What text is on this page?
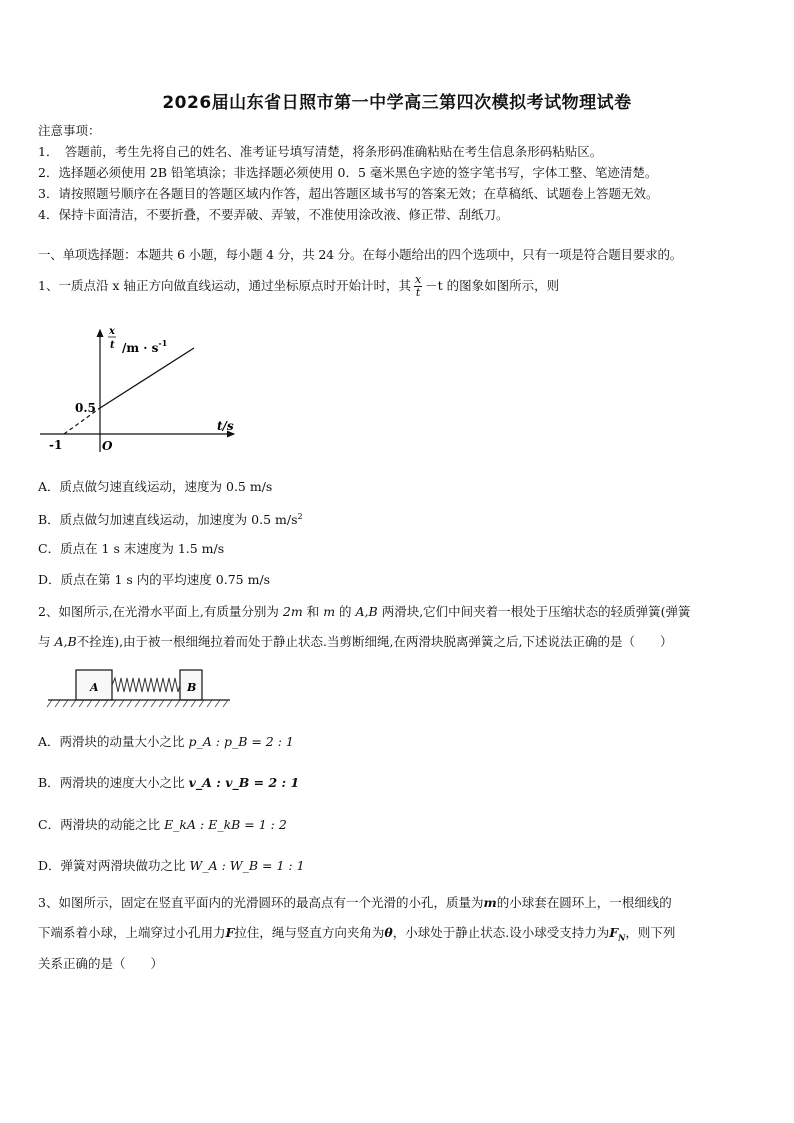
2026届山东省日照市第一中学高三第四次模拟考试物理试卷
注意事项：
1．　答题前，考生先将自己的姓名、准考证号填写清楚，将条形码准确粘贴在考生信息条形码粘贴区。
2．选择题必须使用 2B 铅笔填涂；非选择题必须使用 0．5 毫米黑色字迹的签字笔书写，字体工整、笔迹清楚。
3．请按照题号顺序在各题目的答题区域内作答，超出答题区域书写的答案无效；在草稿纸、试题卷上答题无效。
4．保持卡面清洁，不要折叠，不要弄破、弄皱，不准使用涂改液、修正带、刮纸刀。
一、单项选择题：本题共 6 小题，每小题 4 分，共 24 分。在每小题给出的四个选项中，只有一项是符合题目要求的。
1、一质点沿 x 轴正方向做直线运动，通过坐标原点时开始计时，其 $\frac{x}{t} -t$ 的图象如图所示，则
x
t $/m \cdot s^{-1}$
0.5
-1	O
t/s
A．质点做匀速直线运动，速度为 0.5 m/s
B．质点做匀加速直线运动，加速度为 0.5 $m/s^2$
C．质点在 1 s 末速度为 1.5 m/s
D．质点在第 1 s 内的平均速度 0.75 m/s
2、如图所示,在光滑水平面上,有质量分别为 2m 和 m 的 A,B 两滑块,它们中间夹着一根处于压缩状态的轻质弹簧(弹簧
与 A,B不拴连),由于被一根细绳拉着而处于静止状态.当剪断细绳,在两滑块脱离弹簧之后,下述说法正确的是（　　）
A	B
A．两滑块的动量大小之比 p_A : p_B = 2 : 1
B．两滑块的速度大小之比 v_A : v_B = 2 : 1
C．两滑块的动能之比 E_kA : E_kB = 1 : 2
D．弹簧对两滑块做功之比 W_A : W_B = 1 : 1
3、如图所示，固定在竖直平面内的光滑圆环的最高点有一个光滑的小孔，质量为m的小球套在圆环上，一根细线的
下端系着小球，上端穿过小孔用力F拉住，绳与竖直方向夹角为θ，小球处于静止状态.设小球受支持力为$F_N$，则下列
关系正确的是（　　）
